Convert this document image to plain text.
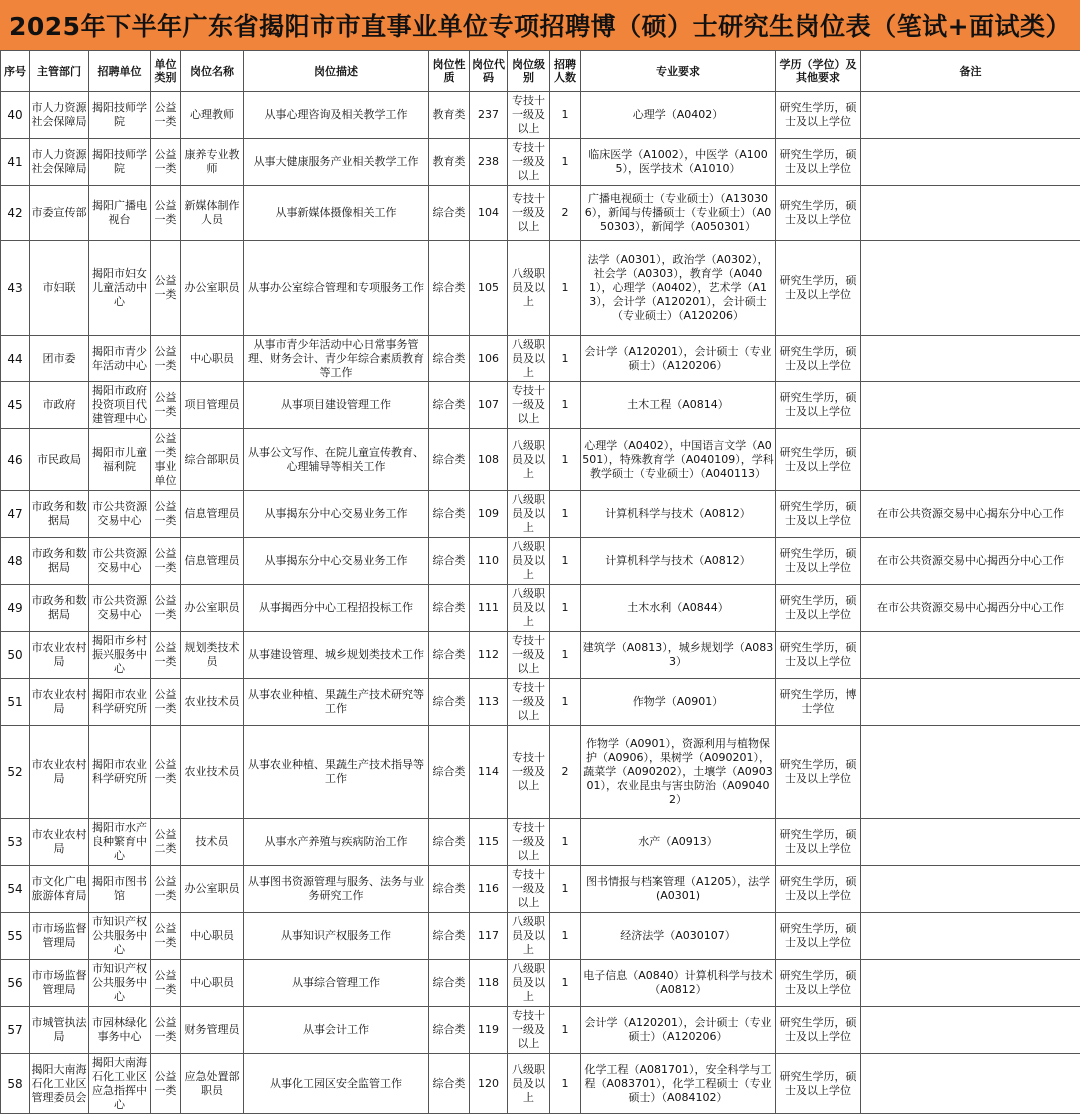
2025年下半年广东省揭阳市市直事业单位专项招聘博（硕）士研究生岗位表（笔试+面试类）
序号	主管部门	招聘单位	单位类别	岗位名称	岗位描述	岗位性质	岗位代码	岗位级别	招聘人数	专业要求	学历（学位）及其他要求	备注
40	市人力资源社会保障局	揭阳技师学院	公益一类	心理教师	从事心理咨询及相关教学工作	教育类	237	专技十一级及以上	1	心理学（A0402）	研究生学历，硕士及以上学位	
41	市人力资源社会保障局	揭阳技师学院	公益一类	康养专业教师	从事大健康服务产业相关教学工作	教育类	238	专技十一级及以上	1	临床医学（A1002），中医学（A1005），医学技术（A1010）	研究生学历，硕士及以上学位	
42	市委宣传部	揭阳广播电视台	公益一类	新媒体制作人员	从事新媒体摄像相关工作	综合类	104	专技十一级及以上	2	广播电视硕士（专业硕士）（A130306），新闻与传播硕士（专业硕士）（A050303），新闻学（A050301）	研究生学历，硕士及以上学位	
43	市妇联	揭阳市妇女儿童活动中心	公益一类	办公室职员	从事办公室综合管理和专项服务工作	综合类	105	八级职员及以上	1	法学（A0301），政治学（A0302），社会学（A0303），教育学（A0401），心理学（A0402），艺术学（A13），会计学（A120201），会计硕士（专业硕士）（A120206）	研究生学历，硕士及以上学位	
44	团市委	揭阳市青少年活动中心	公益一类	中心职员	从事市青少年活动中心日常事务管理、财务会计、青少年综合素质教育等工作	综合类	106	八级职员及以上	1	会计学（A120201），会计硕士（专业硕士）（A120206）	研究生学历，硕士及以上学位	
45	市政府	揭阳市政府投资项目代建管理中心	公益一类	项目管理员	从事项目建设管理工作	综合类	107	专技十一级及以上	1	土木工程（A0814）	研究生学历，硕士及以上学位	
46	市民政局	揭阳市儿童福利院	公益一类事业单位	综合部职员	从事公文写作、在院儿童宣传教育、心理辅导等相关工作	综合类	108	八级职员及以上	1	心理学（A0402），中国语言文学（A0501），特殊教育学（A040109），学科教学硕士（专业硕士）（A040113）	研究生学历，硕士及以上学位	
47	市政务和数据局	市公共资源交易中心	公益一类	信息管理员	从事揭东分中心交易业务工作	综合类	109	八级职员及以上	1	计算机科学与技术（A0812）	研究生学历，硕士及以上学位	在市公共资源交易中心揭东分中心工作
48	市政务和数据局	市公共资源交易中心	公益一类	信息管理员	从事揭东分中心交易业务工作	综合类	110	八级职员及以上	1	计算机科学与技术（A0812）	研究生学历，硕士及以上学位	在市公共资源交易中心揭西分中心工作
49	市政务和数据局	市公共资源交易中心	公益一类	办公室职员	从事揭西分中心工程招投标工作	综合类	111	八级职员及以上	1	土木水利（A0844）	研究生学历，硕士及以上学位	在市公共资源交易中心揭西分中心工作
50	市农业农村局	揭阳市乡村振兴服务中心	公益一类	规划类技术员	从事建设管理、城乡规划类技术工作	综合类	112	专技十一级及以上	1	建筑学（A0813），城乡规划学（A0833）	研究生学历，硕士及以上学位	
51	市农业农村局	揭阳市农业科学研究所	公益一类	农业技术员	从事农业种植、果蔬生产技术研究等工作	综合类	113	专技十一级及以上	1	作物学（A0901）	研究生学历，博士学位	
52	市农业农村局	揭阳市农业科学研究所	公益一类	农业技术员	从事农业种植、果蔬生产技术指导等工作	综合类	114	专技十一级及以上	2	作物学（A0901），资源利用与植物保护（A0906），果树学（A090201），蔬菜学（A090202），土壤学（A090301），农业昆虫与害虫防治（A090402）	研究生学历，硕士及以上学位	
53	市农业农村局	揭阳市水产良种繁育中心	公益二类	技术员	从事水产养殖与疾病防治工作	综合类	115	专技十一级及以上	1	水产（A0913）	研究生学历，硕士及以上学位	
54	市文化广电旅游体育局	揭阳市图书馆	公益一类	办公室职员	从事图书资源管理与服务、法务与业务研究工作	综合类	116	专技十一级及以上	1	图书情报与档案管理（A1205），法学(A0301)	研究生学历，硕士及以上学位	
55	市市场监督管理局	市知识产权公共服务中心	公益一类	中心职员	从事知识产权服务工作	综合类	117	八级职员及以上	1	经济法学（A030107）	研究生学历，硕士及以上学位	
56	市市场监督管理局	市知识产权公共服务中心	公益一类	中心职员	从事综合管理工作	综合类	118	八级职员及以上	1	电子信息（A0840）计算机科学与技术（A0812）	研究生学历，硕士及以上学位	
57	市城管执法局	市园林绿化事务中心	公益一类	财务管理员	从事会计工作	综合类	119	专技十一级及以上	1	会计学（A120201），会计硕士（专业硕士）（A120206）	研究生学历，硕士及以上学位	
58	揭阳大南海石化工业区管理委员会	揭阳大南海石化工业区应急指挥中心	公益一类	应急处置部职员	从事化工园区安全监管工作	综合类	120	八级职员及以上	1	化学工程（A081701），安全科学与工程（A083701），化学工程硕士（专业硕士）（A084102）	研究生学历，硕士及以上学位	
